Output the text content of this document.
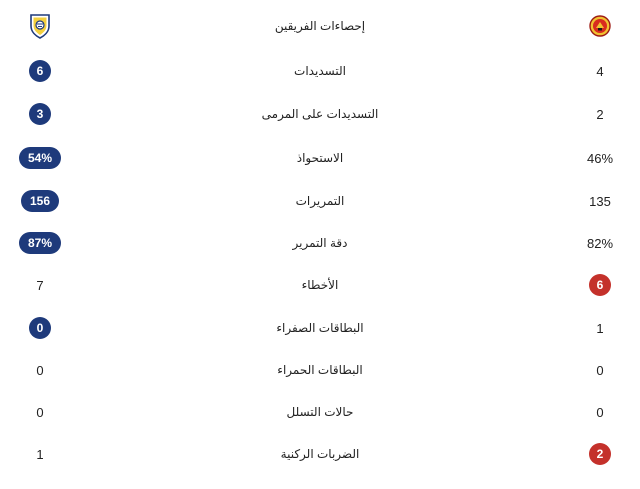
إحصاءات الفريقين
6	التسديدات	4
3	التسديدات على المرمى	2
54%	الاستحواذ	46%
156	التمريرات	135
87%	دقة التمرير	82%
7	الأخطاء	6
0	البطاقات الصفراء	1
0	البطاقات الحمراء	0
0	حالات التسلل	0
1	الضربات الركنية	2
